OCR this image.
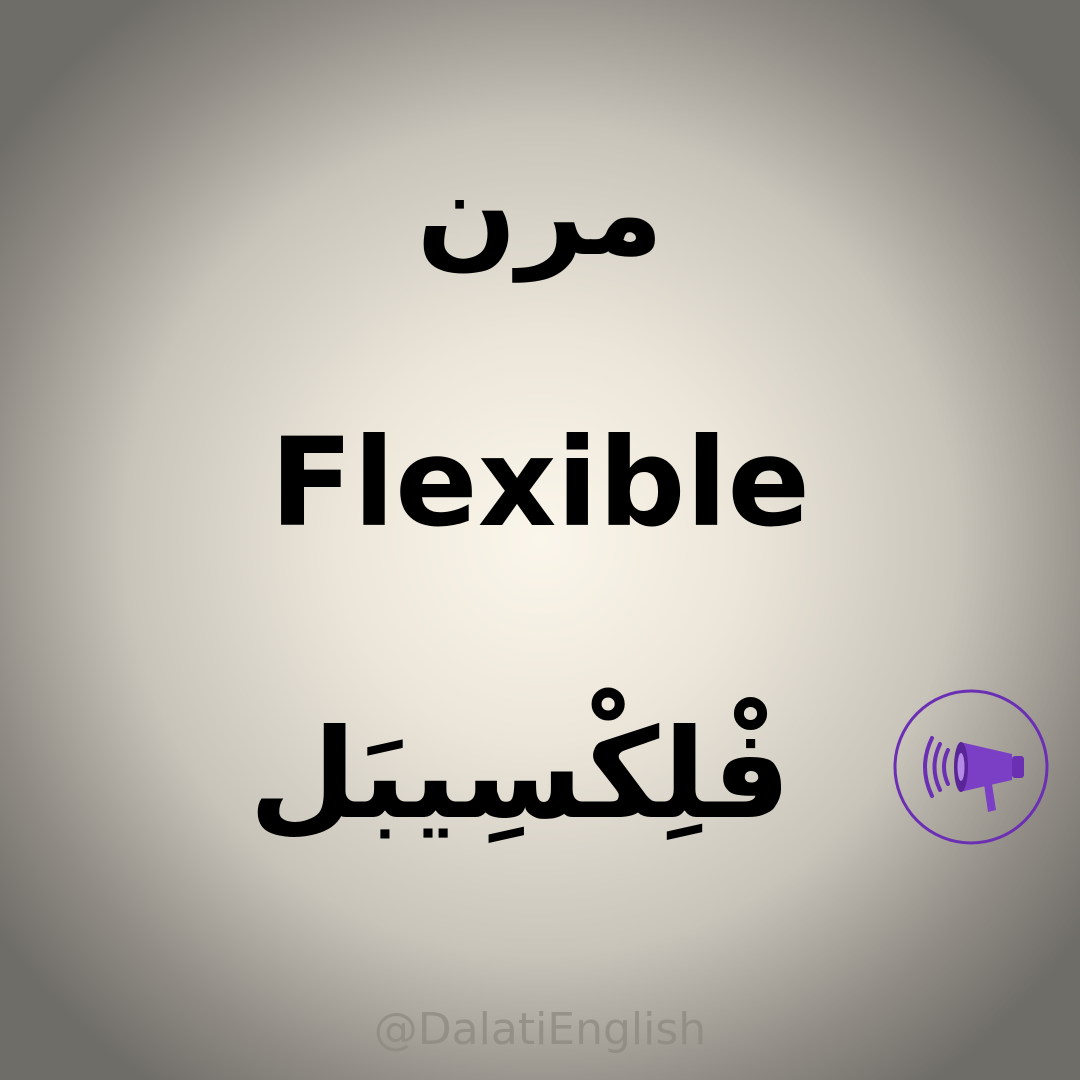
مرن
Flexible
فْلِكْسِيبَل
@DalatiEnglish
